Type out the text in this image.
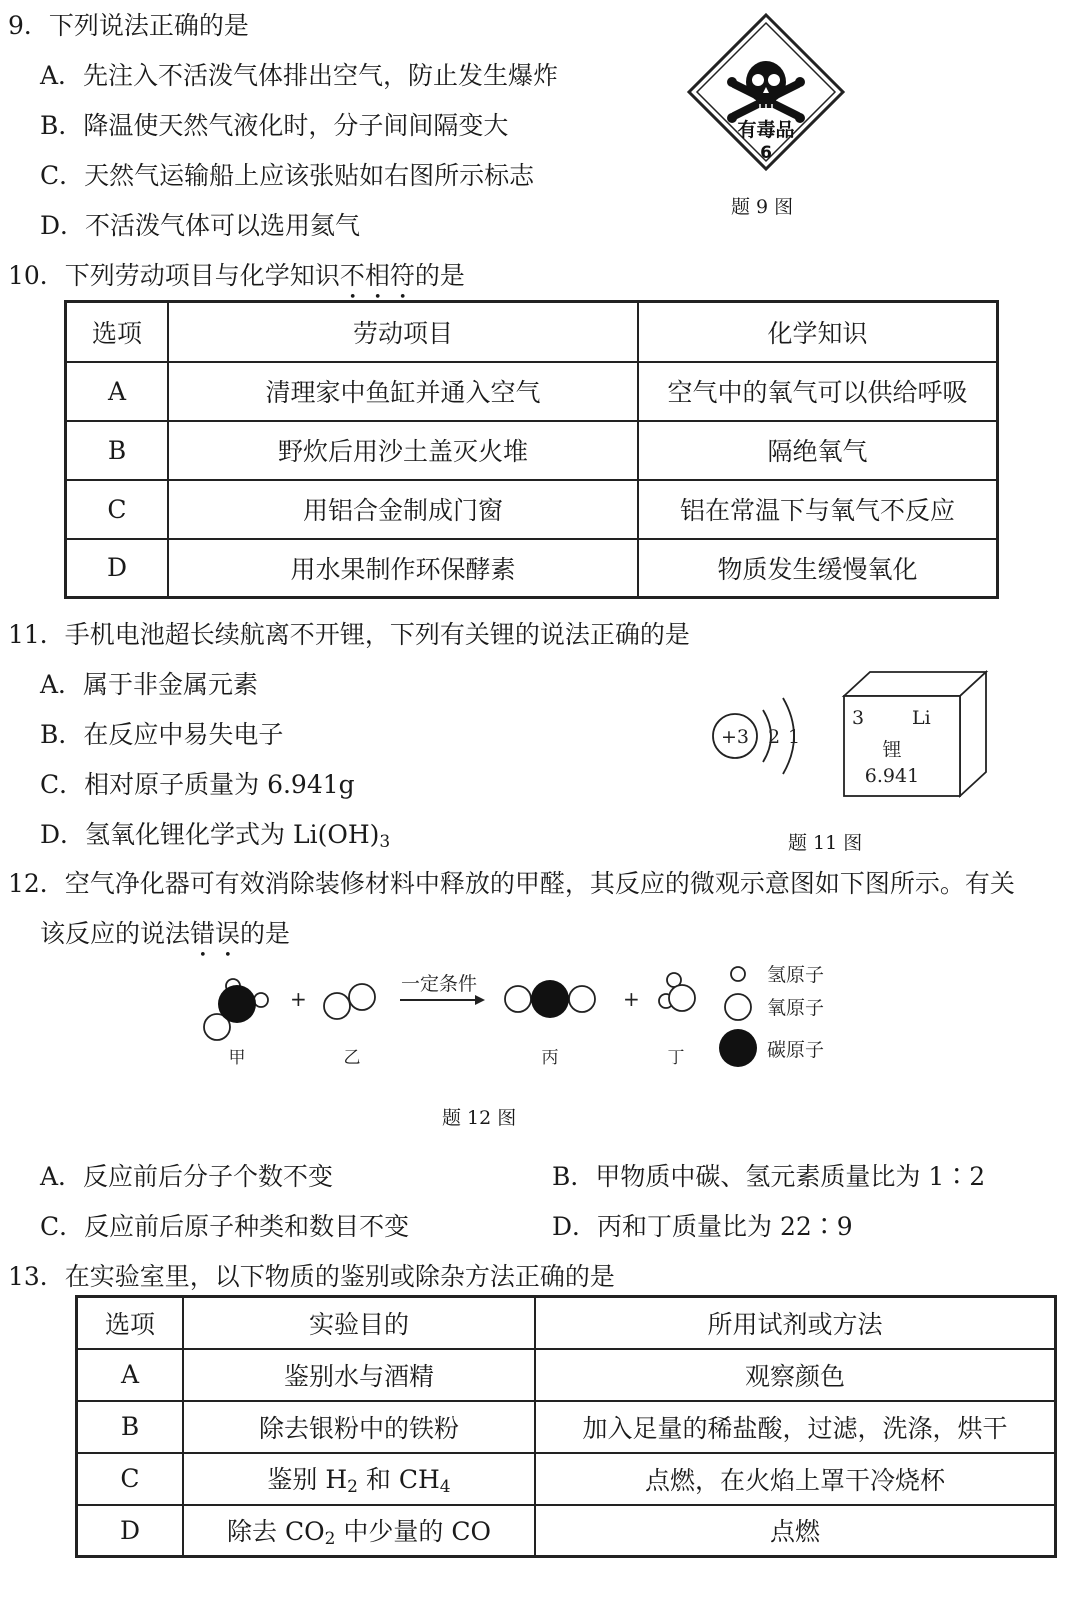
9．下列说法正确的是
A．先注入不活泼气体排出空气，防止发生爆炸
B．降温使天然气液化时，分子间间隔变大
C．天然气运输船上应该张贴如右图所示标志
D．不活泼气体可以选用氦气
有毒品
6
题 9 图
10．下列劳动项目与化学知识不相符的是
选项	劳动项目	化学知识
A	清理家中鱼缸并通入空气	空气中的氧气可以供给呼吸
B	野炊后用沙土盖灭火堆	隔绝氧气
C	用铝合金制成门窗	铝在常温下与氧气不反应
D	用水果制作环保酵素	物质发生缓慢氧化
11．手机电池超长续航离不开锂，下列有关锂的说法正确的是
A．属于非金属元素
B．在反应中易失电子
C．相对原子质量为 6.941g
D．氢氧化锂化学式为 $Li(OH)_3$
+3 2 1
3	Li
锂
6.941
题 11 图
12．空气净化器可有效消除装修材料中释放的甲醛，其反应的微观示意图如下图所示。有关
该反应的说法错误的是
+
一定条件
+
甲	乙	丙	丁
氢原子
氧原子
碳原子
题 12 图
A．反应前后分子个数不变	B．甲物质中碳、氢元素质量比为 1∶2
C．反应前后原子种类和数目不变	D．丙和丁质量比为 22∶9
13．在实验室里，以下物质的鉴别或除杂方法正确的是
选项	实验目的	所用试剂或方法
A	鉴别水与酒精	观察颜色
B	除去银粉中的铁粉	加入足量的稀盐酸，过滤，洗涤，烘干
C	鉴别 $H_2$ 和 $CH_4$	点燃，在火焰上罩干冷烧杯
D	除去 $CO_2$ 中少量的 CO	点燃
